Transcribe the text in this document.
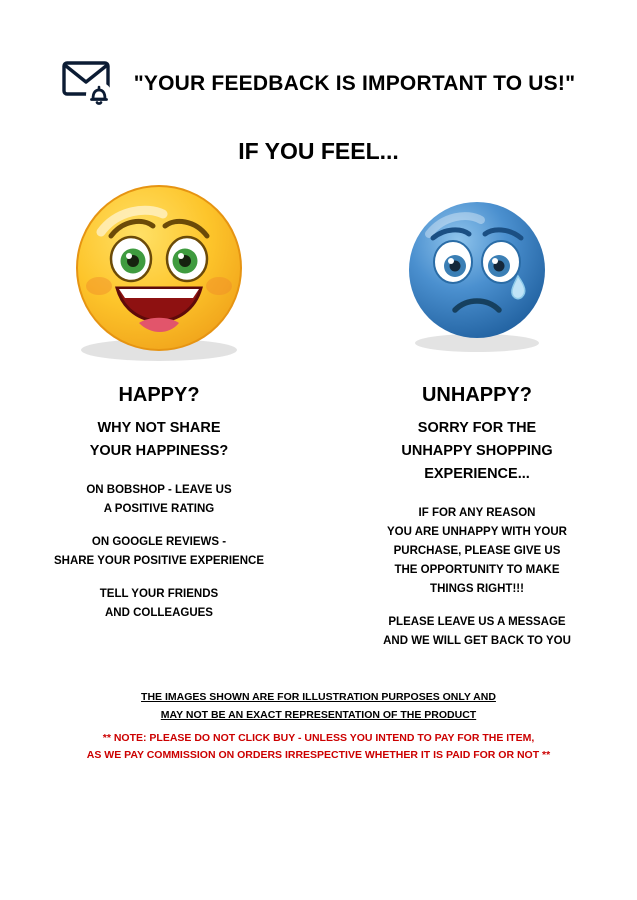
"YOUR FEEDBACK IS IMPORTANT TO US!"
IF YOU FEEL...
HAPPY?
WHY NOT SHARE
YOUR HAPPINESS?
ON BOBSHOP - LEAVE US
A POSITIVE RATING
ON GOOGLE REVIEWS -
SHARE YOUR POSITIVE EXPERIENCE
TELL YOUR FRIENDS
AND COLLEAGUES
UNHAPPY?
SORRY FOR THE
UNHAPPY SHOPPING
EXPERIENCE...
IF FOR ANY REASON
YOU ARE UNHAPPY WITH YOUR
PURCHASE, PLEASE GIVE US
THE OPPORTUNITY TO MAKE
THINGS RIGHT!!!
PLEASE LEAVE US A MESSAGE
AND WE WILL GET BACK TO YOU
THE IMAGES SHOWN ARE FOR ILLUSTRATION PURPOSES ONLY AND
MAY NOT BE AN EXACT REPRESENTATION OF THE PRODUCT
** NOTE: PLEASE DO NOT CLICK BUY - UNLESS YOU INTEND TO PAY FOR THE ITEM,
AS WE PAY COMMISSION ON ORDERS IRRESPECTIVE WHETHER IT IS PAID FOR OR NOT **
